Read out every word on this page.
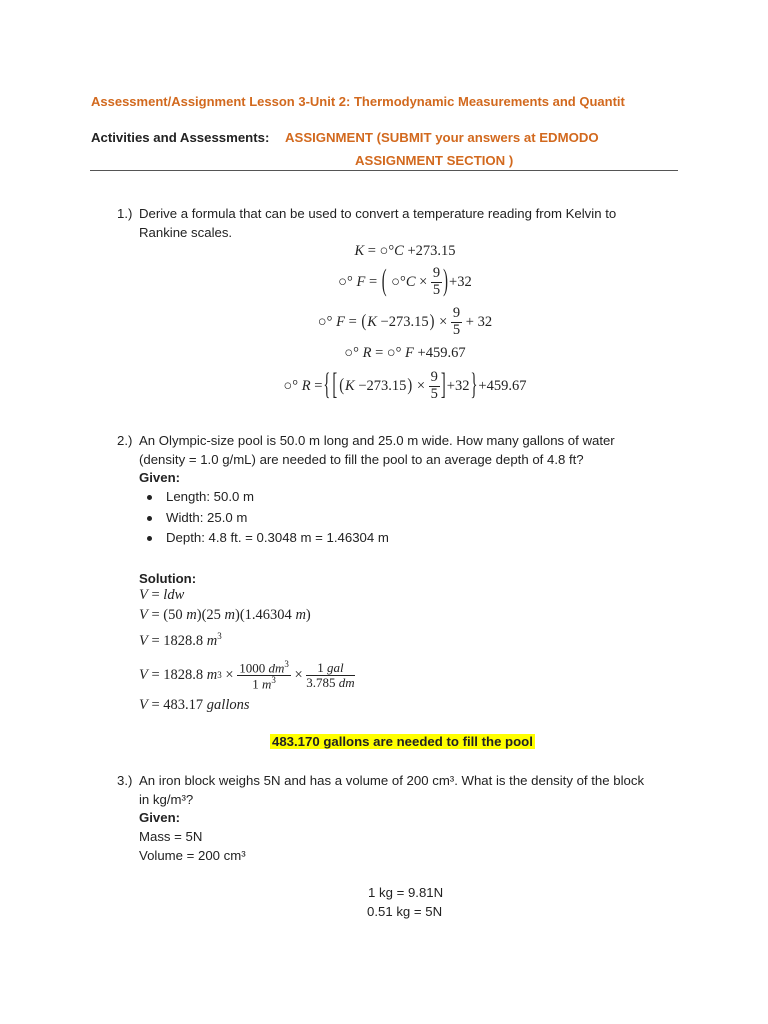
Assessment/Assignment Lesson 3-Unit 2: Thermodynamic Measurements and Quantit
Activities and Assessments: ASSIGNMENT (SUBMIT your answers at EDMODO
ASSIGNMENT SECTION )
1.) Derive a formula that can be used to convert a temperature reading from Kelvin to
Rankine scales.
K = ○° C +273.15
○° F = ( ○° $C \times \frac{9}{5}$ ) +32
○° F = ( K −273.15 ) × $\frac{9}{5} + 32$
○° R = ○° F +459.67
○° R = { [ ( K −273.15 ) × $\frac{9}{5}$ ] +32 } +459.67
2.) An Olympic-size pool is 50.0 m long and 25.0 m wide. How many gallons of water
(density = 1.0 g/mL) are needed to fill the pool to an average depth of 4.8 ft?
Given:
Length: 50.0 m
Width: 25.0 m
Depth: 4.8 ft. = 0.3048 m = 1.46304 m
Solution:
V = ldw
V = (50 m)(25 m)(1.46304 m)
V = 1828.8 $m^3$
V = 1828.8 m $3 \times \frac{1000 dm^3}{1 m^3} \times \frac{\text{1 gal}}{3.785 dm}$
V = 483.17 gallons
483.170 gallons are needed to fill the pool
3.) An iron block weighs 5N and has a volume of 200 cm³. What is the density of the block
in kg/m³?
Given:
Mass = 5N
Volume = 200 cm³
1 kg = 9.81N
0.51 kg = 5N
